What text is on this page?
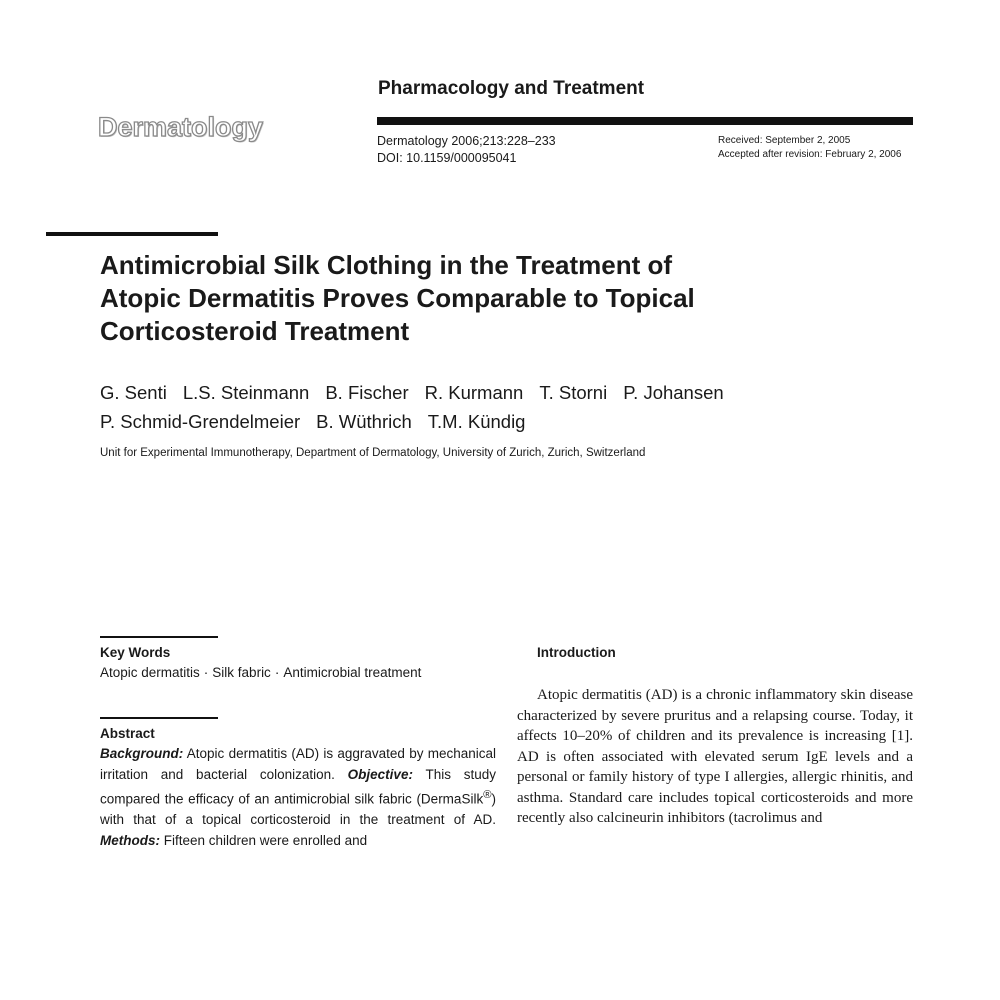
Dermatology
Pharmacology and Treatment
Dermatology 2006;213:228–233
DOI: 10.1159/000095041
Received: September 2, 2005
Accepted after revision: February 2, 2006
Antimicrobial Silk Clothing in the Treatment of
Atopic Dermatitis Proves Comparable to Topical
Corticosteroid Treatment
G. Senti L.S. Steinmann B. Fischer R. Kurmann T. Storni P. Johansen
P. Schmid-Grendelmeier B. Wüthrich T.M. Kündig
Unit for Experimental Immunotherapy, Department of Dermatology, University of Zurich, Zurich, Switzerland
Key Words
Atopic dermatitis · Silk fabric · Antimicrobial treatment
Abstract
Background: Atopic dermatitis (AD) is aggravated by mechanical irritation and bacterial colonization. Objective: This study compared the efficacy of an antimicrobial silk fabric (DermaSilk®) with that of a topical corticosteroid in the treatment of AD. Methods: Fifteen children were enrolled and
Introduction
Atopic dermatitis (AD) is a chronic inflammatory skin disease characterized by severe pruritus and a relapsing course. Today, it affects 10–20% of children and its prevalence is increasing [1]. AD is often associated with elevated serum IgE levels and a personal or family history of type I allergies, allergic rhinitis, and asthma. Standard care includes topical corticosteroids and more recently also calcineurin inhibitors (tacrolimus and
